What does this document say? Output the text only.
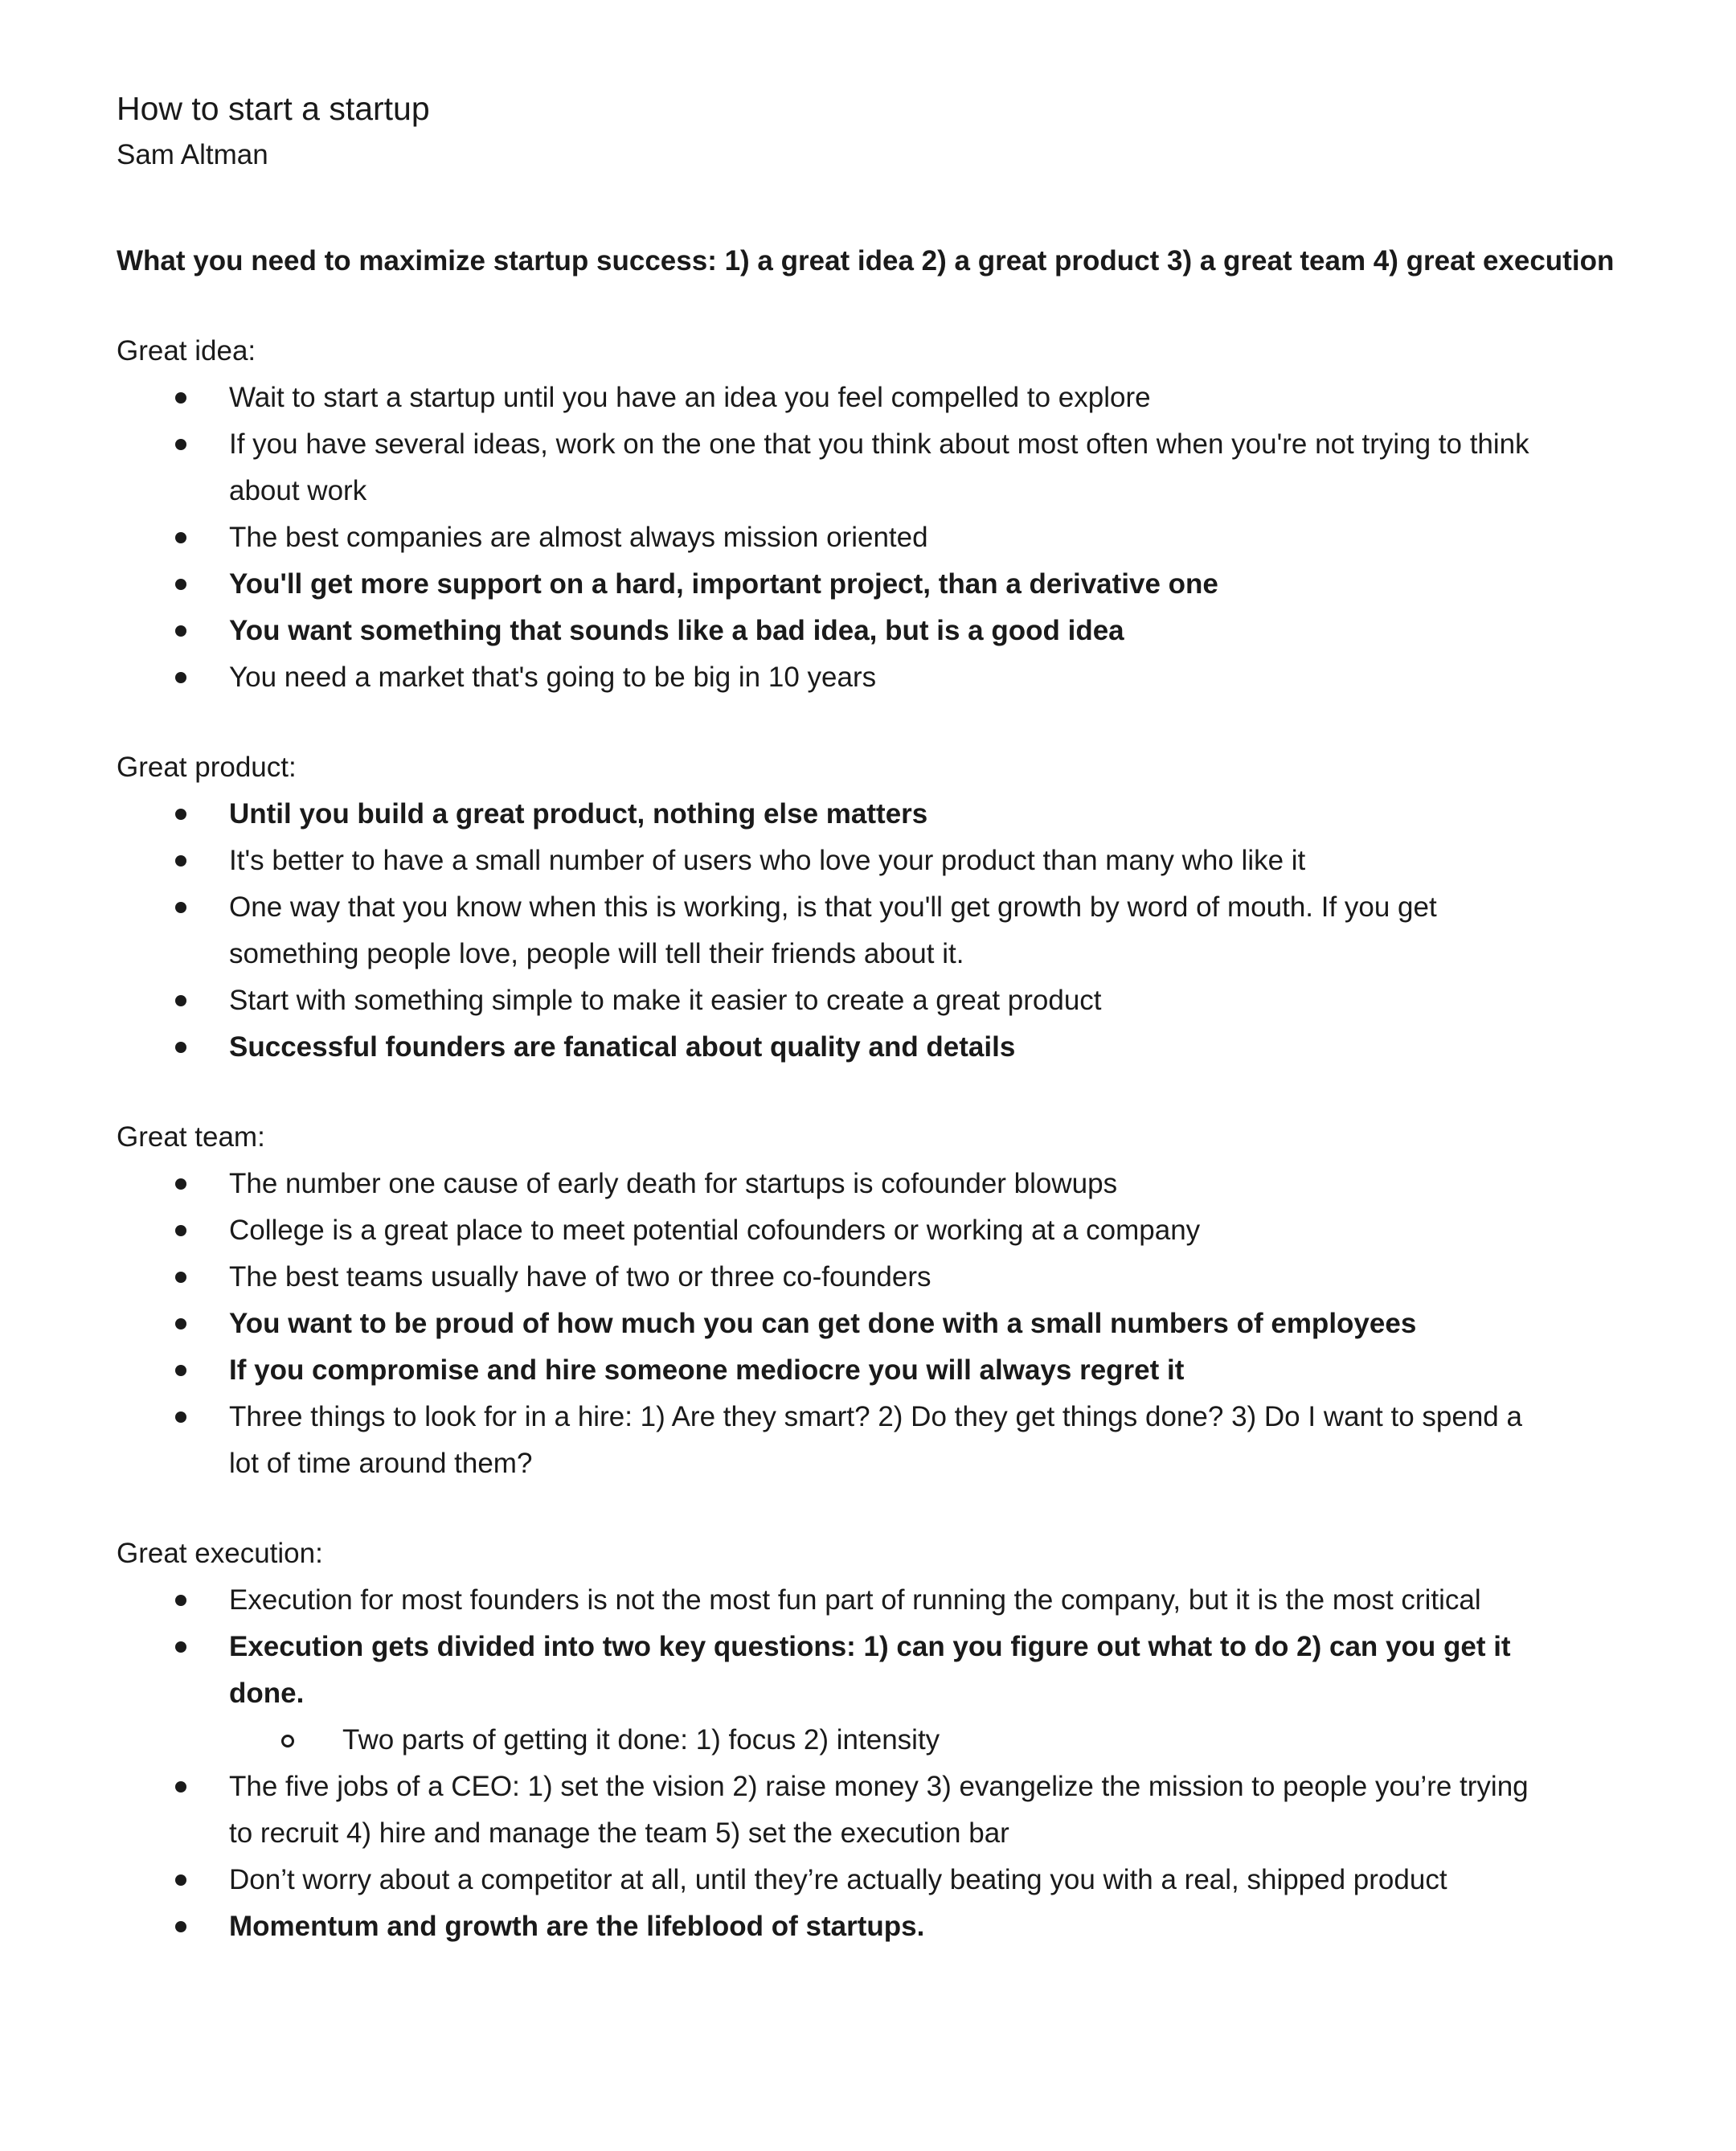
How to start a startup
Sam Altman

What you need to maximize startup success: 1) a great idea 2) a great product 3) a great team 4) great execution

Great idea:
Wait to start a startup until you have an idea you feel compelled to explore
If you have several ideas, work on the one that you think about most often when you're not trying to think about work
The best companies are almost always mission oriented
You'll get more support on a hard, important project, than a derivative one
You want something that sounds like a bad idea, but is a good idea
You need a market that's going to be big in 10 years
Great product:
Until you build a great product, nothing else matters
It's better to have a small number of users who love your product than many who like it
One way that you know when this is working, is that you'll get growth by word of mouth. If you get something people love, people will tell their friends about it.
Start with something simple to make it easier to create a great product
Successful founders are fanatical about quality and details
Great team:
The number one cause of early death for startups is cofounder blowups
College is a great place to meet potential cofounders or working at a company
The best teams usually have of two or three co-founders
You want to be proud of how much you can get done with a small numbers of employees
If you compromise and hire someone mediocre you will always regret it
Three things to look for in a hire: 1) Are they smart? 2) Do they get things done? 3) Do I want to spend a lot of time around them?
Great execution:
Execution for most founders is not the most fun part of running the company, but it is the most critical
Execution gets divided into two key questions: 1) can you figure out what to do 2) can you get it done.
Two parts of getting it done: 1) focus 2) intensity
The five jobs of a CEO: 1) set the vision 2) raise money 3) evangelize the mission to people you’re trying to recruit 4) hire and manage the team 5) set the execution bar
Don’t worry about a competitor at all, until they’re actually beating you with a real, shipped product
Momentum and growth are the lifeblood of startups.
